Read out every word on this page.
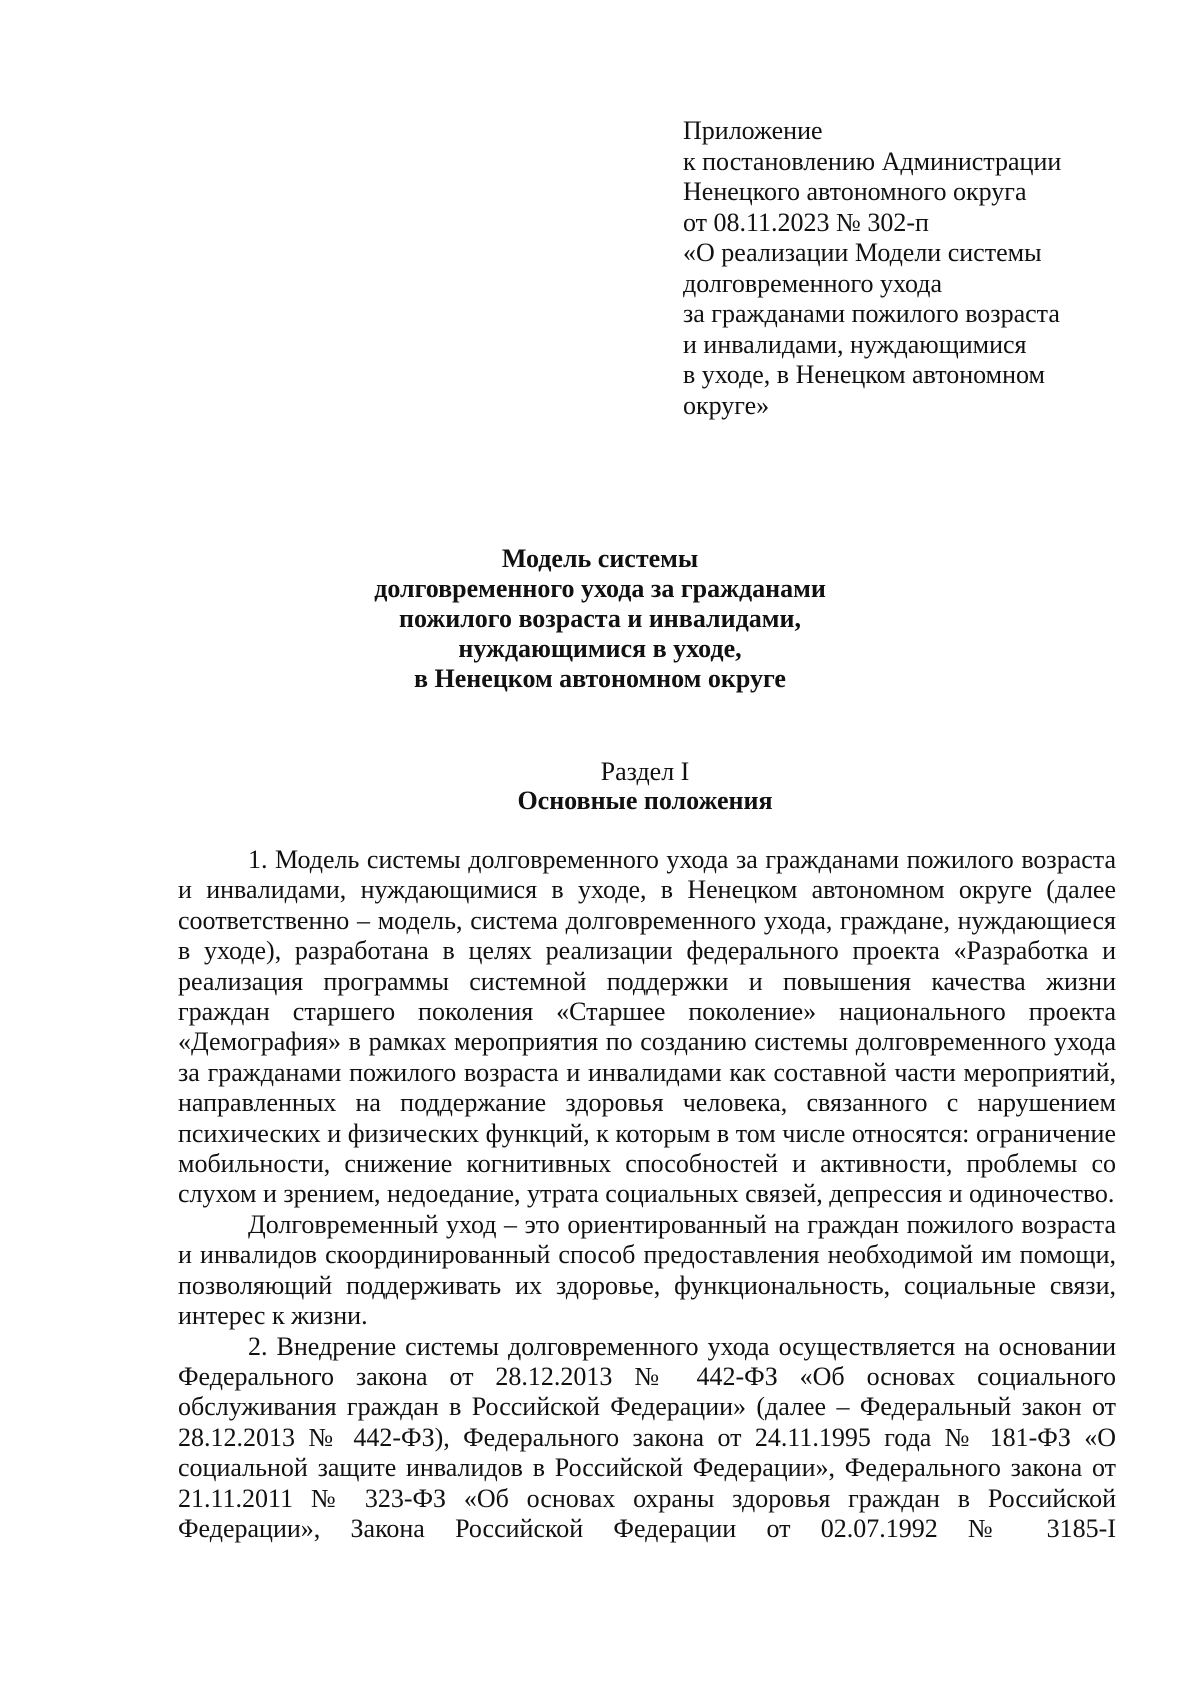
Приложение
к постановлению Администрации
Ненецкого автономного округа
от 08.11.2023 № 302-п
«О реализации Модели системы
долговременного ухода
за гражданами пожилого возраста
и инвалидами, нуждающимися
в уходе, в Ненецком автономном
округе»
Модель системы
долговременного ухода за гражданами
пожилого возраста и инвалидами,
нуждающимися в уходе,
в Ненецком автономном округе
Раздел I
Основные положения

1. Модель системы долговременного ухода за гражданами пожилого возраста и инвалидами, нуждающимися в уходе, в Ненецком автономном округе (далее соответственно – модель, система долговременного ухода, граждане, нуждающиеся в уходе), разработана в целях реализации федерального проекта «Разработка и реализация программы системной поддержки и повышения качества жизни граждан старшего поколения «Старшее поколение» национального проекта «Демография» в рамках мероприятия по созданию системы долговременного ухода за гражданами пожилого возраста и инвалидами как составной части мероприятий, направленных на поддержание здоровья человека, связанного с нарушением психических и физических функций, к которым в том числе относятся: ограничение мобильности, снижение когнитивных способностей и активности, проблемы со слухом и зрением, недоедание, утрата социальных связей, депрессия и одиночество.

Долговременный уход – это ориентированный на граждан пожилого возраста и инвалидов скоординированный способ предоставления необходимой им помощи, позволяющий поддерживать их здоровье, функциональность, социальные связи, интерес к жизни.

2. Внедрение системы долговременного ухода осуществляется на основании Федерального закона от 28.12.2013 № 442-ФЗ «Об основах социального обслуживания граждан в Российской Федерации» (далее – Федеральный закон от 28.12.2013 № 442-ФЗ), Федерального закона от 24.11.1995 года № 181-ФЗ «О социальной защите инвалидов в Российской Федерации», Федерального закона от 21.11.2011 № 323-ФЗ «Об основах охраны здоровья граждан в Российской Федерации», Закона Российской Федерации от 02.07.1992 № 3185-I
